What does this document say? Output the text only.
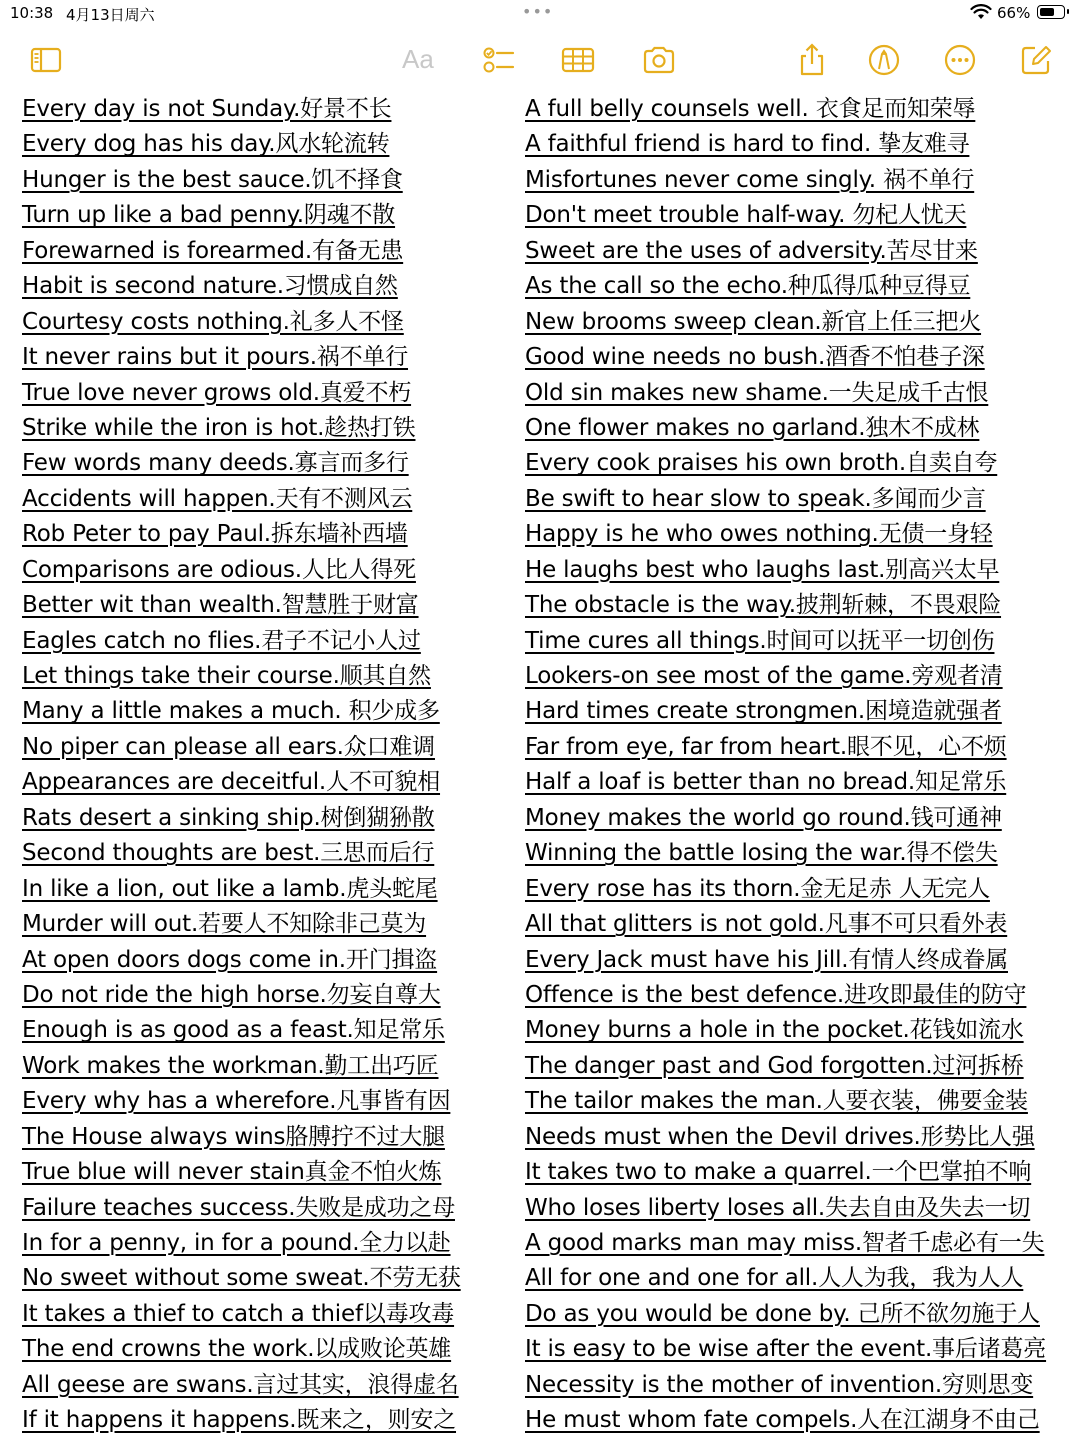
10:38 4月13日周六	•••	66%
Aa
Every day is not Sunday.好景不长
Every dog has his day.风水轮流转
Hunger is the best sauce.饥不择食
Turn up like a bad penny.阴魂不散
Forewarned is forearmed.有备无患
Habit is second nature.习惯成自然
Courtesy costs nothing.礼多人不怪
It never rains but it pours.祸不单行
True love never grows old.真爱不朽
Strike while the iron is hot.趁热打铁
Few words many deeds.寡言而多行
Accidents will happen.天有不测风云
Rob Peter to pay Paul.拆东墙补西墙
Comparisons are odious.人比人得死
Better wit than wealth.智慧胜于财富
Eagles catch no flies.君子不记小人过
Let things take their course.顺其自然
Many a little makes a much. 积少成多
No piper can please all ears.众口难调
Appearances are deceitful.人不可貌相
Rats desert a sinking ship.树倒猢狲散
Second thoughts are best.三思而后行
In like a lion, out like a lamb.虎头蛇尾
Murder will out.若要人不知除非己莫为
At open doors dogs come in.开门揖盗
Do not ride the high horse.勿妄自尊大
Enough is as good as a feast.知足常乐
Work makes the workman.勤工出巧匠
Every why has a wherefore.凡事皆有因
The House always wins胳膊拧不过大腿
True blue will never stain真金不怕火炼
Failure teaches success.失败是成功之母
In for a penny, in for a pound.全力以赴
No sweet without some sweat.不劳无获
It takes a thief to catch a thief以毒攻毒
The end crowns the work.以成败论英雄
All geese are swans.言过其实，浪得虚名
If it happens it happens.既来之，则安之
A full belly counsels well. 衣食足而知荣辱
A faithful friend is hard to find. 挚友难寻
Misfortunes never come singly. 祸不单行
Don't meet trouble half-way. 勿杞人忧天
Sweet are the uses of adversity.苦尽甘来
As the call so the echo.种瓜得瓜种豆得豆
New brooms sweep clean.新官上任三把火
Good wine needs no bush.酒香不怕巷子深
Old sin makes new shame.一失足成千古恨
One flower makes no garland.独木不成林
Every cook praises his own broth.自卖自夸
Be swift to hear slow to speak.多闻而少言
Happy is he who owes nothing.无债一身轻
He laughs best who laughs last.别高兴太早
The obstacle is the way.披荆斩棘，不畏艰险
Time cures all things.时间可以抚平一切创伤
Lookers-on see most of the game.旁观者清
Hard times create strongmen.困境造就强者
Far from eye, far from heart.眼不见，心不烦
Half a loaf is better than no bread.知足常乐
Money makes the world go round.钱可通神
Winning the battle losing the war.得不偿失
Every rose has its thorn.金无足赤 人无完人
All that glitters is not gold.凡事不可只看外表
Every Jack must have his Jill.有情人终成眷属
Offence is the best defence.进攻即最佳的防守
Money burns a hole in the pocket.花钱如流水
The danger past and God forgotten.过河拆桥
The tailor makes the man.人要衣装，佛要金装
Needs must when the Devil drives.形势比人强
It takes two to make a quarrel.一个巴掌拍不响
Who loses liberty loses all.失去自由及失去一切
A good marks man may miss.智者千虑必有一失
All for one and one for all.人人为我，我为人人
Do as you would be done by. 己所不欲勿施于人
It is easy to be wise after the event.事后诸葛亮
Necessity is the mother of invention.穷则思变
He must whom fate compels.人在江湖身不由己
